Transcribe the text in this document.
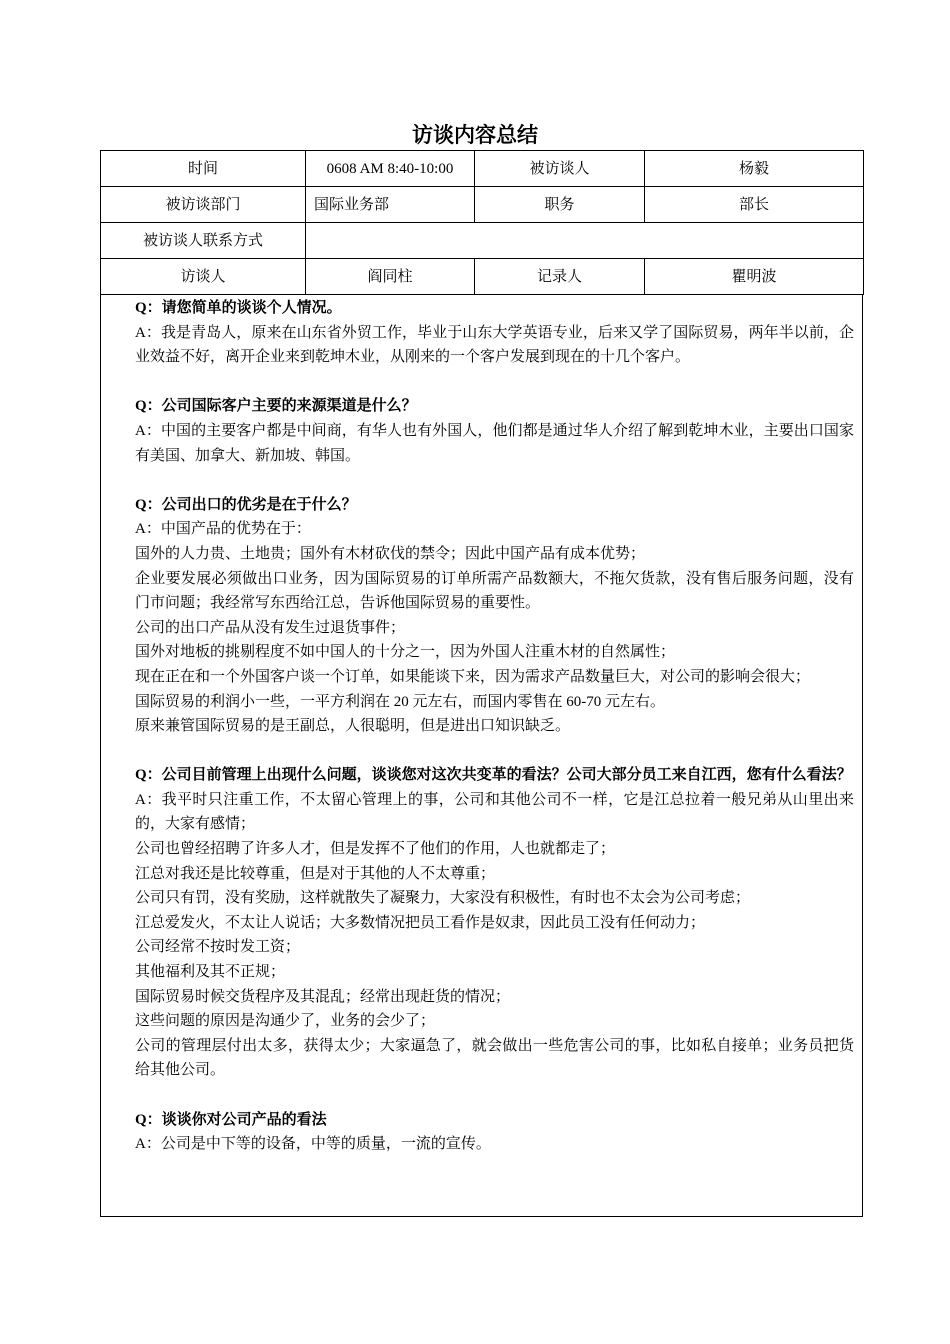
访谈内容总结
时间	0608 AM 8:40-10:00	被访谈人	杨毅
被访谈部门	国际业务部	职务	部长
被访谈人联系方式			
访谈人	阎同柱	记录人	瞿明波

Q：请您简单的谈谈个人情况。

A：我是青岛人，原来在山东省外贸工作，毕业于山东大学英语专业，后来又学了国际贸易，两年半以前，企业效益不好，离开企业来到乾坤木业，从刚来的一个客户发展到现在的十几个客户。

Q：公司国际客户主要的来源渠道是什么？

A：中国的主要客户都是中间商，有华人也有外国人，他们都是通过华人介绍了解到乾坤木业，主要出口国家有美国、加拿大、新加坡、韩国。

Q：公司出口的优劣是在于什么？

A：中国产品的优势在于：

国外的人力贵、土地贵；国外有木材砍伐的禁令；因此中国产品有成本优势；

企业要发展必须做出口业务，因为国际贸易的订单所需产品数额大，不拖欠货款，没有售后服务问题，没有门市问题；我经常写东西给江总，告诉他国际贸易的重要性。

公司的出口产品从没有发生过退货事件；

国外对地板的挑剔程度不如中国人的十分之一，因为外国人注重木材的自然属性；

现在正在和一个外国客户谈一个订单，如果能谈下来，因为需求产品数量巨大，对公司的影响会很大；

国际贸易的利润小一些，一平方利润在 20 元左右，而国内零售在 60-70 元左右。

原来兼管国际贸易的是王副总，人很聪明，但是进出口知识缺乏。

Q：公司目前管理上出现什么问题，谈谈您对这次共变革的看法？公司大部分员工来自江西，您有什么看法？

A：我平时只注重工作，不太留心管理上的事，公司和其他公司不一样，它是江总拉着一般兄弟从山里出来的，大家有感情；

公司也曾经招聘了许多人才，但是发挥不了他们的作用，人也就都走了；

江总对我还是比较尊重，但是对于其他的人不太尊重；

公司只有罚，没有奖励，这样就散失了凝聚力，大家没有积极性，有时也不太会为公司考虑；

江总爱发火，不太让人说话；大多数情况把员工看作是奴隶，因此员工没有任何动力；

公司经常不按时发工资；

其他福利及其不正规；

国际贸易时候交货程序及其混乱；经常出现赶货的情况；

这些问题的原因是沟通少了，业务的会少了；

公司的管理层付出太多，获得太少；大家逼急了，就会做出一些危害公司的事，比如私自接单；业务员把货给其他公司。

Q：谈谈你对公司产品的看法

A：公司是中下等的设备，中等的质量，一流的宣传。
